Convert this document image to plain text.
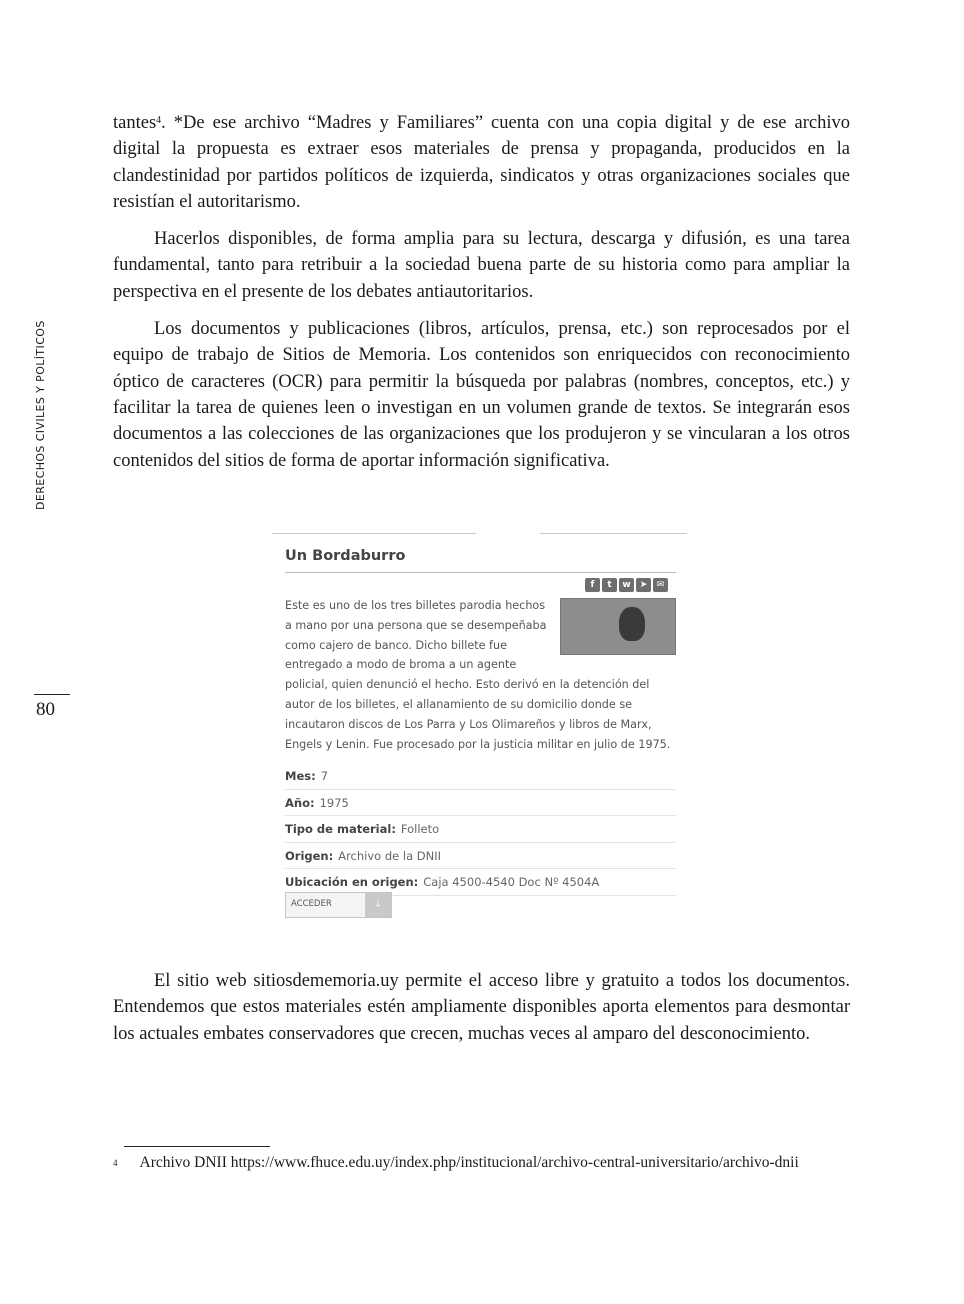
DERECHOS CIVILES Y POLÍTICOS
80

tantes$^4$. *De ese archivo “Madres y Familiares” cuenta con una copia digital y de ese archivo digital la propuesta es extraer esos materiales de prensa y propaganda, producidos en la clandestinidad por partidos políticos de izquierda, sindicatos y otras organizaciones sociales que resistían el autoritarismo.

Hacerlos disponibles, de forma amplia para su lectura, descarga y difusión, es una tarea fundamental, tanto para retribuir a la sociedad buena parte de su historia como para ampliar la perspectiva en el presente de los debates antiautoritarios.

Los documentos y publicaciones (libros, artículos, prensa, etc.) son reprocesados por el equipo de trabajo de Sitios de Memoria. Los contenidos son enriquecidos con reconocimiento óptico de caracteres (OCR) para permitir la búsqueda por palabras (nombres, conceptos, etc.) y facilitar la tarea de quienes leen o investigan en un volumen grande de textos. Se integrarán esos documentos a las colecciones de las organizaciones que los produjeron y se vincularan a los otros contenidos del sitios de forma de aportar información significativa.

Un Bordaburro
f	t	w	➤	✉
Este es uno de los tres billetes parodia hechos a mano por una persona que se desempeñaba como cajero de banco. Dicho billete fue entregado a modo de broma a un agente policial, quien denunció el hecho. Esto derivó en la detención del autor de los billetes, el allanamiento de su domicilio donde se incautaron discos de Los Parra y Los Olimareños y libros de Marx, Engels y Lenin. Fue procesado por la justicia militar en julio de 1975.
Mes: 7
Año: 1975
Tipo de material: Folleto
Origen: Archivo de la DNII
Ubicación en origen: Caja 4500-4540 Doc Nº 4504A
ACCEDER	↓

El sitio web sitiosdememoria.uy permite el acceso libre y gratuito a todos los documentos. Entendemos que estos materiales estén ampliamente disponibles aporta elementos para desmontar los actuales embates conservadores que crecen, muchas veces al amparo del desconocimiento.

$^4$ Archivo DNII https://www.fhuce.edu.uy/index.php/institucional/archivo-central-universitario/archivo-dnii
